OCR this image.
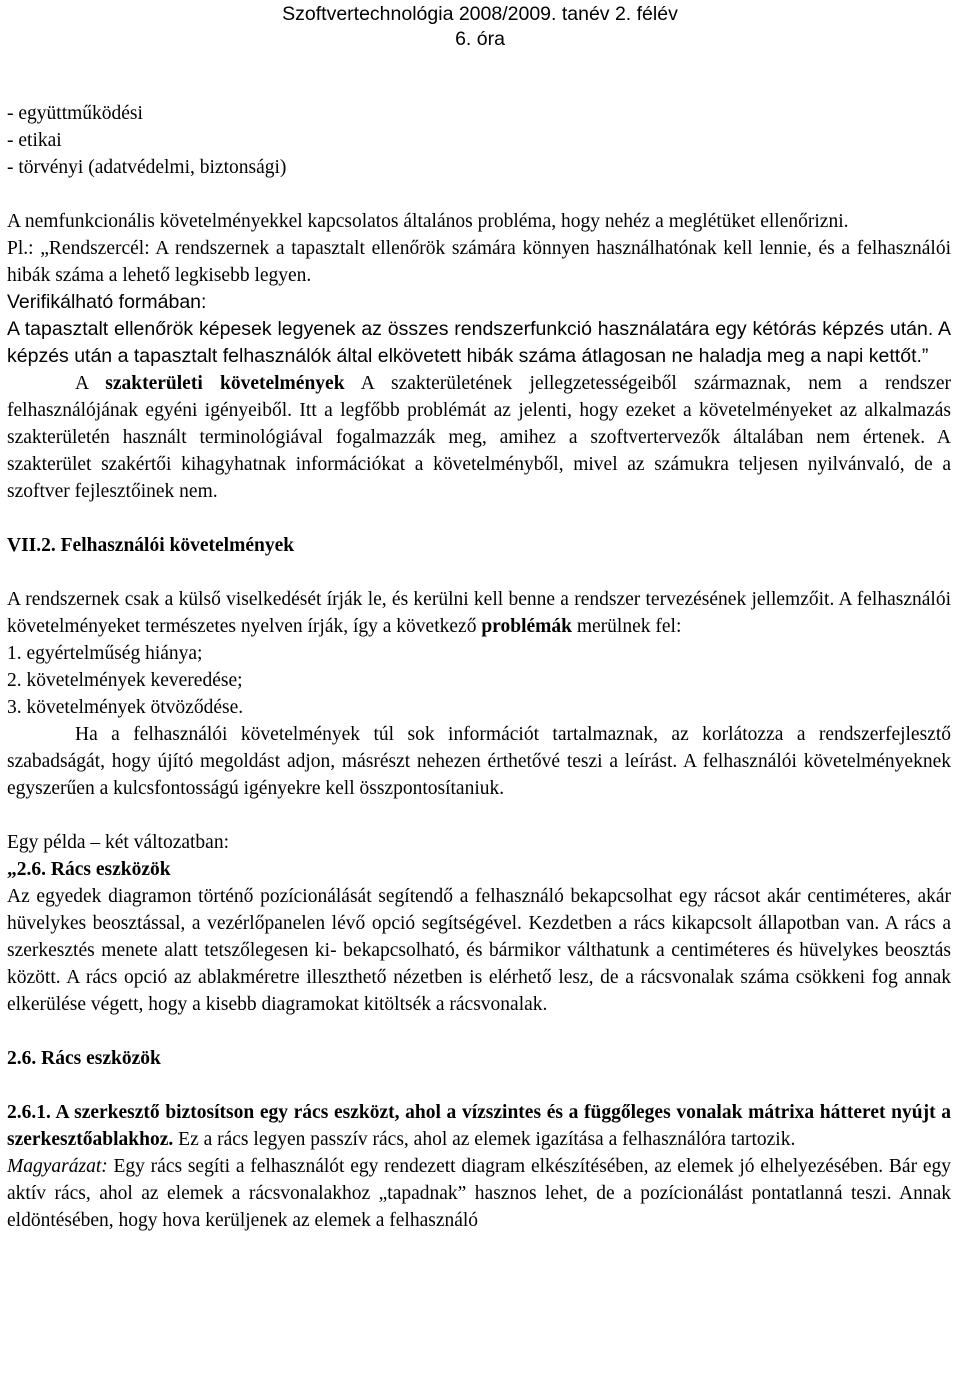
Szoftvertechnológia 2008/2009. tanév 2. félév
6. óra

- együttműködési

- etikai

- törvényi (adatvédelmi, biztonsági)

A nemfunkcionális követelményekkel kapcsolatos általános probléma, hogy nehéz a meglétüket ellenőrizni.

Pl.: „Rendszercél: A rendszernek a tapasztalt ellenőrök számára könnyen használhatónak kell lennie, és a felhasználói hibák száma a lehető legkisebb legyen.

Verifikálható formában:

A tapasztalt ellenőrök képesek legyenek az összes rendszerfunkció használatára egy kétórás képzés után. A képzés után a tapasztalt felhasználók által elkövetett hibák száma átlagosan ne haladja meg a napi kettőt.”

A szakterületi követelmények A szakterületének jellegzetességeiből származnak, nem a rendszer felhasználójának egyéni igényeiből. Itt a legfőbb problémát az jelenti, hogy ezeket a követelményeket az alkalmazás szakterületén használt terminológiával fogalmazzák meg, amihez a szoftvertervezők általában nem értenek. A szakterület szakértői kihagyhatnak információkat a követelményből, mivel az számukra teljesen nyilvánvaló, de a szoftver fejlesztőinek nem.

VII.2. Felhasználói követelmények

A rendszernek csak a külső viselkedését írják le, és kerülni kell benne a rendszer tervezésének jellemzőit. A felhasználói követelményeket természetes nyelven írják, így a következő problémák merülnek fel:

1. egyértelműség hiánya;

2. követelmények keveredése;

3. követelmények ötvöződése.

Ha a felhasználói követelmények túl sok információt tartalmaznak, az korlátozza a rendszerfejlesztő szabadságát, hogy újító megoldást adjon, másrészt nehezen érthetővé teszi a leírást. A felhasználói követelményeknek egyszerűen a kulcsfontosságú igényekre kell összpontosítaniuk.

Egy példa – két változatban:

„2.6. Rács eszközök

Az egyedek diagramon történő pozícionálását segítendő a felhasználó bekapcsolhat egy rácsot akár centiméteres, akár hüvelykes beosztással, a vezérlőpanelen lévő opció segítségével. Kezdetben a rács kikapcsolt állapotban van. A rács a szerkesztés menete alatt tetszőlegesen ki- bekapcsolható, és bármikor válthatunk a centiméteres és hüvelykes beosztás között. A rács opció az ablakméretre illeszthető nézetben is elérhető lesz, de a rácsvonalak száma csökkeni fog annak elkerülése végett, hogy a kisebb diagramokat kitöltsék a rácsvonalak.

2.6. Rács eszközök

2.6.1. A szerkesztő biztosítson egy rács eszközt, ahol a vízszintes és a függőleges vonalak mátrixa hátteret nyújt a szerkesztőablakhoz. Ez a rács legyen passzív rács, ahol az elemek igazítása a felhasználóra tartozik.

Magyarázat: Egy rács segíti a felhasználót egy rendezett diagram elkészítésében, az elemek jó elhelyezésében. Bár egy aktív rács, ahol az elemek a rácsvonalakhoz „tapadnak” hasznos lehet, de a pozícionálást pontatlanná teszi. Annak eldöntésében, hogy hova kerüljenek az elemek a felhasználó
